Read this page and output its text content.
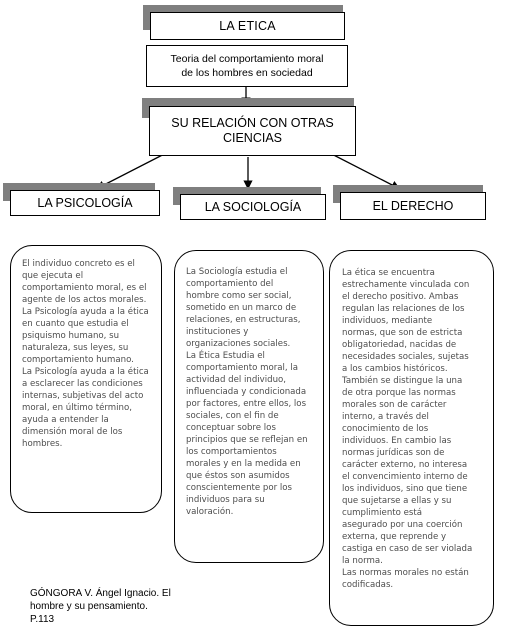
LA ETICA
Teoria del comportamiento moral
de los hombres en sociedad
SU RELACIÓN CON OTRAS
CIENCIAS
LA PSICOLOGÍA	LA SOCIOLOGÍA	EL DERECHO
El individuo concreto es el
que ejecuta el
comportamiento moral, es el
agente de los actos morales.
La Psicología ayuda a la ética
en cuanto que estudia el
psiquismo humano, su
naturaleza, sus leyes, su
comportamiento humano.
La Psicología ayuda a la ética
a esclarecer las condiciones
internas, subjetivas del acto
moral, en último término,
ayuda a entender la
dimensión moral de los
hombres.
La Sociología estudia el
comportamiento del
hombre como ser social,
sometido en un marco de
relaciones, en estructuras,
instituciones y
organizaciones sociales.
La Ética Estudia el
comportamiento moral, la
actividad del individuo,
influenciada y condicionada
por factores, entre ellos, los
sociales, con el fin de
conceptuar sobre los
principios que se reflejan en
los comportamientos
morales y en la medida en
que éstos son asumidos
conscientemente por los
individuos para su
valoración.
La ética se encuentra
estrechamente vinculada con
el derecho positivo. Ambas
regulan las relaciones de los
individuos, mediante
normas, que son de estricta
obligatoriedad, nacidas de
necesidades sociales, sujetas
a los cambios históricos.
También se distingue la una
de otra porque las normas
morales son de carácter
interno, a través del
conocimiento de los
individuos. En cambio las
normas jurídicas son de
carácter externo, no interesa
el convencimiento interno de
los individuos, sino que tiene
que sujetarse a ellas y su
cumplimiento está
asegurado por una coerción
externa, que reprende y
castiga en caso de ser violada
la norma.
Las normas morales no están
codificadas.
GÓNGORA V. Ángel Ignacio. El
hombre y su pensamiento.
P.113
